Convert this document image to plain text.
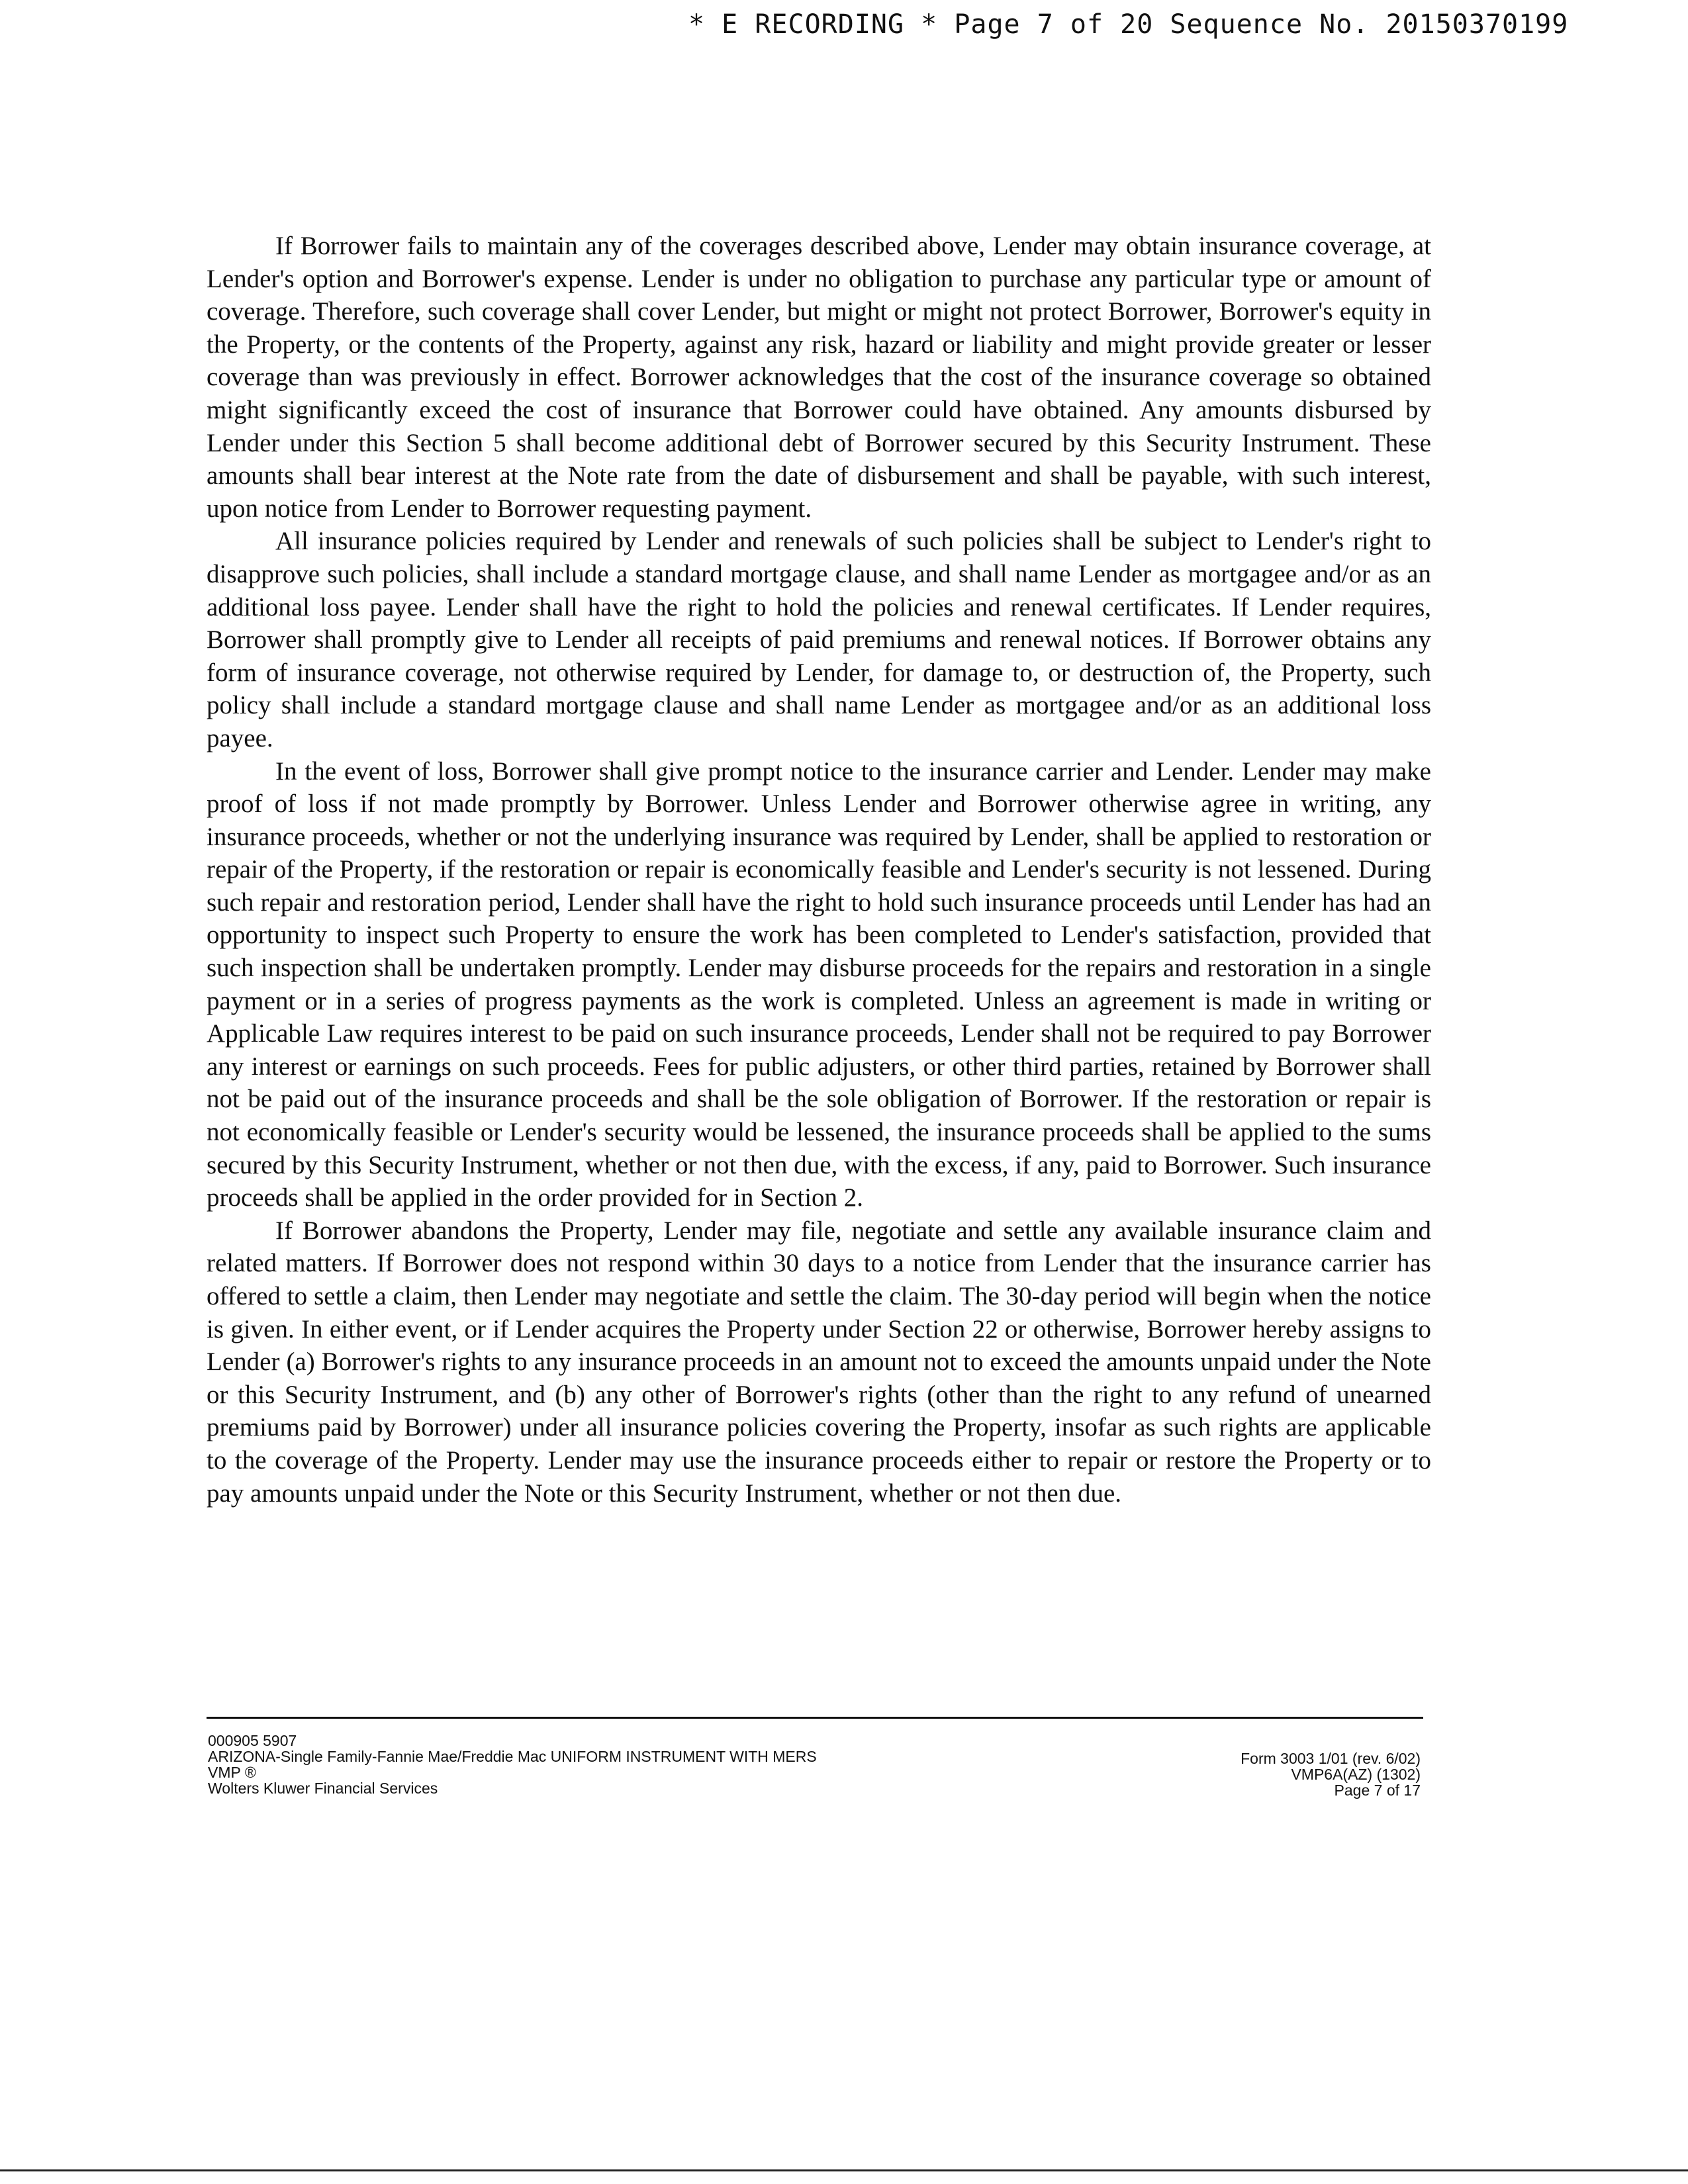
* E RECORDING * Page 7 of 20 Sequence No. 20150370199

If Borrower fails to maintain any of the coverages described above, Lender may obtain insurance coverage, at Lender's option and Borrower's expense. Lender is under no obligation to purchase any particular type or amount of coverage. Therefore, such coverage shall cover Lender, but might or might not protect Borrower, Borrower's equity in the Property, or the contents of the Property, against any risk, hazard or liability and might provide greater or lesser coverage than was previously in effect. Borrower acknowledges that the cost of the insurance coverage so obtained might significantly exceed the cost of insurance that Borrower could have obtained. Any amounts disbursed by Lender under this Section 5 shall become additional debt of Borrower secured by this Security Instrument. These amounts shall bear interest at the Note rate from the date of disbursement and shall be payable, with such interest, upon notice from Lender to Borrower requesting payment.

All insurance policies required by Lender and renewals of such policies shall be subject to Lender's right to disapprove such policies, shall include a standard mortgage clause, and shall name Lender as mortgagee and/or as an additional loss payee. Lender shall have the right to hold the policies and renewal certificates. If Lender requires, Borrower shall promptly give to Lender all receipts of paid premiums and renewal notices. If Borrower obtains any form of insurance coverage, not otherwise required by Lender, for damage to, or destruction of, the Property, such policy shall include a standard mortgage clause and shall name Lender as mortgagee and/or as an additional loss payee.

In the event of loss, Borrower shall give prompt notice to the insurance carrier and Lender. Lender may make proof of loss if not made promptly by Borrower. Unless Lender and Borrower otherwise agree in writing, any insurance proceeds, whether or not the underlying insurance was required by Lender, shall be applied to restoration or repair of the Property, if the restoration or repair is economically feasible and Lender's security is not lessened. During such repair and restoration period, Lender shall have the right to hold such insurance proceeds until Lender has had an opportunity to inspect such Property to ensure the work has been completed to Lender's satisfaction, provided that such inspection shall be undertaken promptly. Lender may disburse proceeds for the repairs and restoration in a single payment or in a series of progress payments as the work is completed. Unless an agreement is made in writing or Applicable Law requires interest to be paid on such insurance proceeds, Lender shall not be required to pay Borrower any interest or earnings on such proceeds. Fees for public adjusters, or other third parties, retained by Borrower shall not be paid out of the insurance proceeds and shall be the sole obligation of Borrower. If the restoration or repair is not economically feasible or Lender's security would be lessened, the insurance proceeds shall be applied to the sums secured by this Security Instrument, whether or not then due, with the excess, if any, paid to Borrower. Such insurance proceeds shall be applied in the order provided for in Section 2.

If Borrower abandons the Property, Lender may file, negotiate and settle any available insurance claim and related matters. If Borrower does not respond within 30 days to a notice from Lender that the insurance carrier has offered to settle a claim, then Lender may negotiate and settle the claim. The 30-day period will begin when the notice is given. In either event, or if Lender acquires the Property under Section 22 or otherwise, Borrower hereby assigns to Lender (a) Borrower's rights to any insurance proceeds in an amount not to exceed the amounts unpaid under the Note or this Security Instrument, and (b) any other of Borrower's rights (other than the right to any refund of unearned premiums paid by Borrower) under all insurance policies covering the Property, insofar as such rights are applicable to the coverage of the Property. Lender may use the insurance proceeds either to repair or restore the Property or to pay amounts unpaid under the Note or this Security Instrument, whether or not then due.

000905 5907
ARIZONA-Single Family-Fannie Mae/Freddie Mac UNIFORM INSTRUMENT WITH MERS
VMP ®
Wolters Kluwer Financial Services
Form 3003 1/01 (rev. 6/02)
VMP6A(AZ) (1302)
Page 7 of 17
